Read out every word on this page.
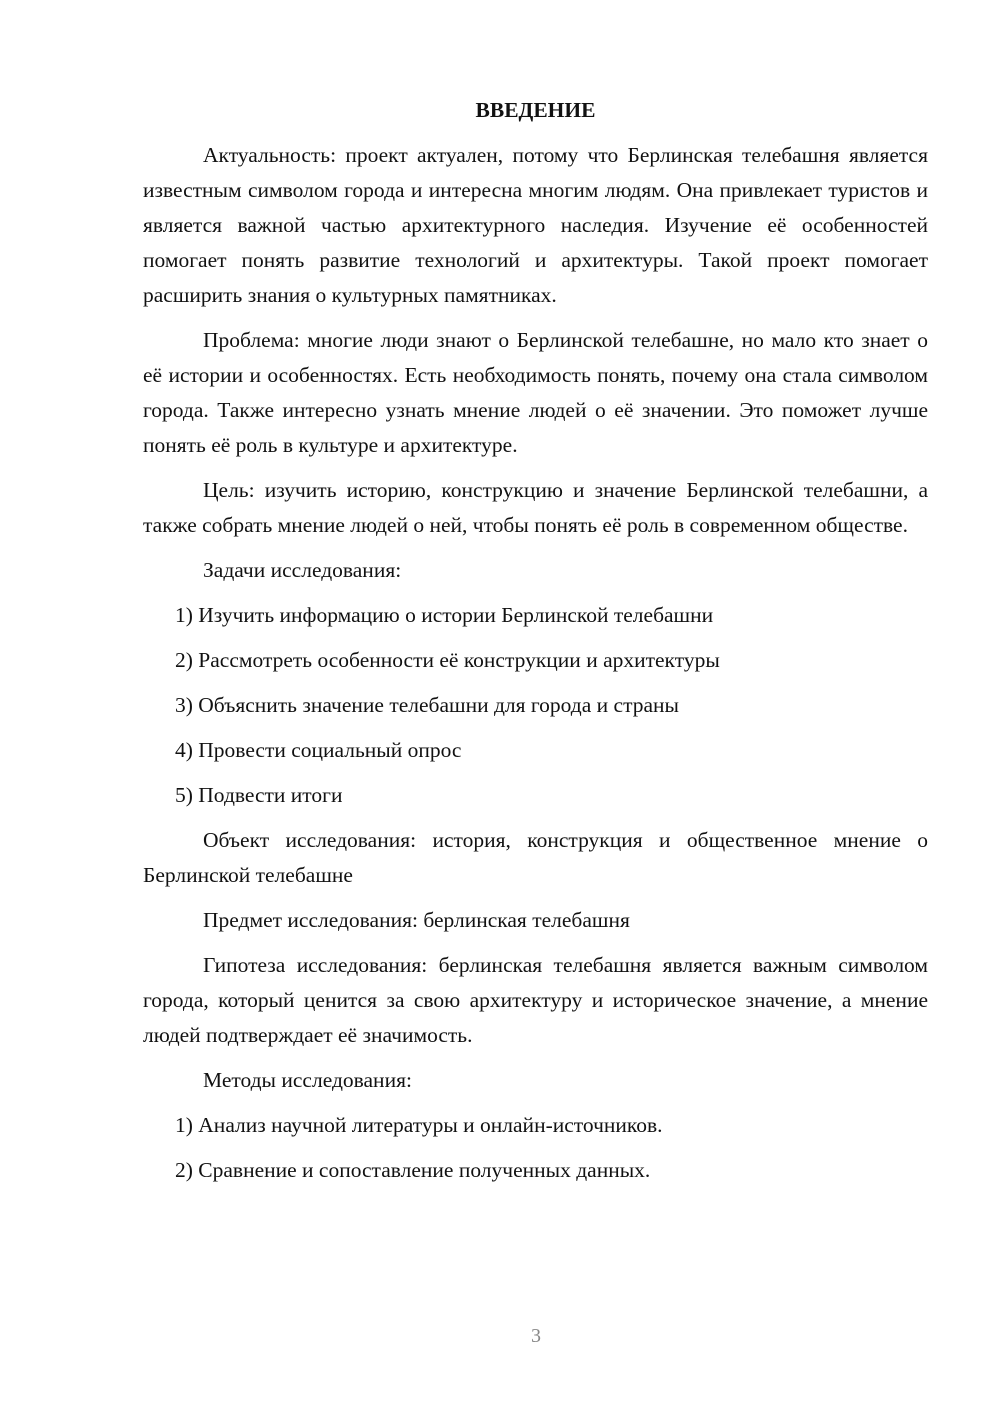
ВВЕДЕНИЕ

Актуальность: проект актуален, потому что Берлинская телебашня является известным символом города и интересна многим людям. Она привлекает туристов и является важной частью архитектурного наследия. Изучение её особенностей помогает понять развитие технологий и архитектуры. Такой проект помогает расширить знания о культурных памятниках.

Проблема: многие люди знают о Берлинской телебашне, но мало кто знает о её истории и особенностях. Есть необходимость понять, почему она стала символом города. Также интересно узнать мнение людей о её значении. Это поможет лучше понять её роль в культуре и архитектуре.

Цель: изучить историю, конструкцию и значение Берлинской телебашни, а также собрать мнение людей о ней, чтобы понять её роль в современном обществе.

Задачи исследования:
1) Изучить информацию о истории Берлинской телебашни
2) Рассмотреть особенности её конструкции и архитектуры
3) Объяснить значение телебашни для города и страны
4) Провести социальный опрос
5) Подвести итоги

Объект исследования: история, конструкция и общественное мнение о Берлинской телебашне

Предмет исследования: берлинская телебашня

Гипотеза исследования: берлинская телебашня является важным символом города, который ценится за свою архитектуру и историческое значение, а мнение людей подтверждает её значимость.

Методы исследования:
1) Анализ научной литературы и онлайн-источников.
2) Сравнение и сопоставление полученных данных.
3
